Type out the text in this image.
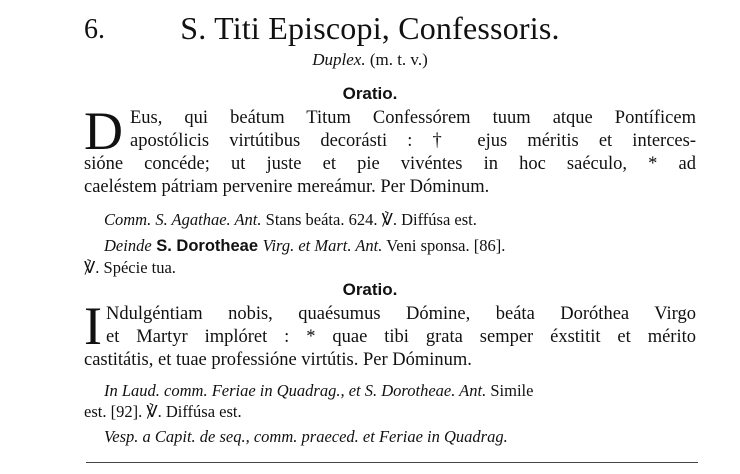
6.	S. Titi Episcopi, Confessoris.
Duplex. (m. t. v.)
Oratio.
D Eus, qui beátum Titum Confessórem tuum atque Pontíficem
apostólicis virtútibus decorásti : † ejus méritis et interces-
sióne concéde; ut juste et pie vivéntes in hoc saéculo, * ad
caeléstem pátriam pervenire mereámur. Per Dóminum.
Comm. S. Agathae. Ant. Stans beáta. 624. ℣. Diffúsa est.
Deinde S. Dorotheae Virg. et Mart. Ant. Veni sponsa. [86].
℣. Spécie tua.
Oratio.
I Ndulgéntiam nobis, quaésumus Dómine, beáta Doróthea Virgo
et Martyr implóret : * quae tibi grata semper éxstitit et mérito
castitátis, et tuae professióne virtútis. Per Dóminum.
In Laud. comm. Feriae in Quadrag., et S. Dorotheae. Ant. Simile
est. [92]. ℣. Diffúsa est.
Vesp. a Capit. de seq., comm. praeced. et Feriae in Quadrag.
